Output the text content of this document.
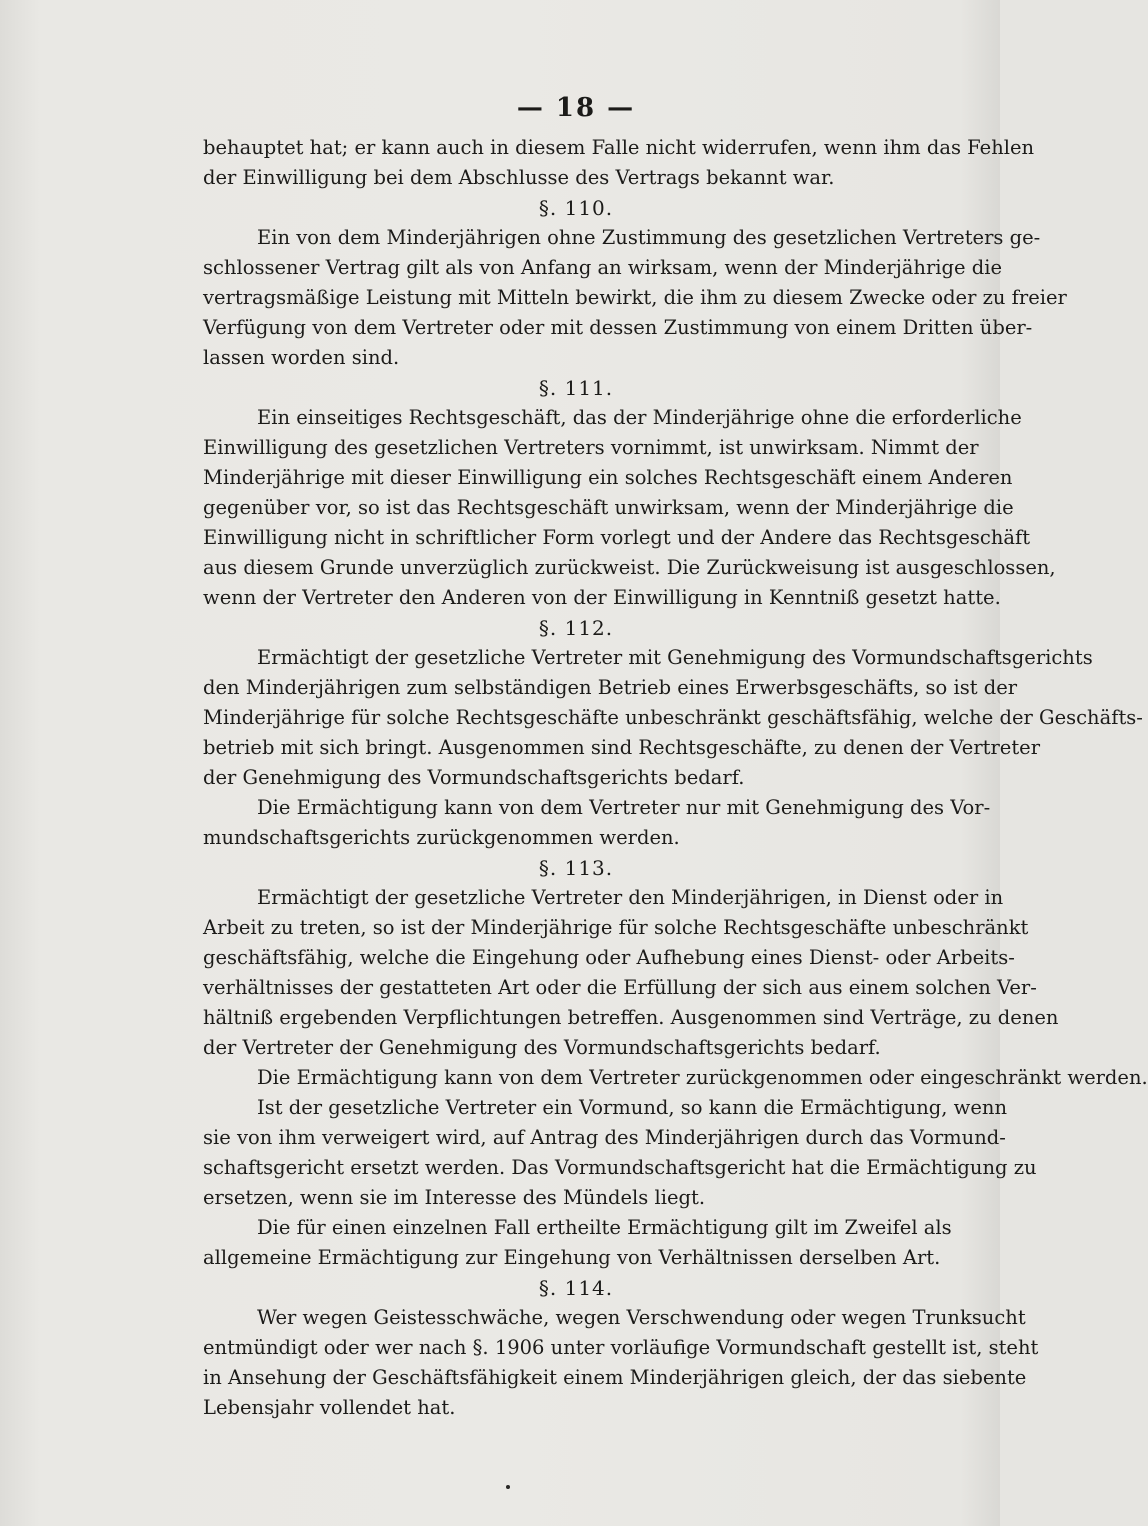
— 18 —
behauptet hat; er kann auch in diesem Falle nicht widerrufen, wenn ihm das Fehlen
der Einwilligung bei dem Abschlusse des Vertrags bekannt war.
§. 110.
Ein von dem Minderjährigen ohne Zustimmung des gesetzlichen Vertreters ge-
schlossener Vertrag gilt als von Anfang an wirksam, wenn der Minderjährige die
vertragsmäßige Leistung mit Mitteln bewirkt, die ihm zu diesem Zwecke oder zu freier
Verfügung von dem Vertreter oder mit dessen Zustimmung von einem Dritten über-
lassen worden sind.
§. 111.
Ein einseitiges Rechtsgeschäft, das der Minderjährige ohne die erforderliche
Einwilligung des gesetzlichen Vertreters vornimmt, ist unwirksam. Nimmt der
Minderjährige mit dieser Einwilligung ein solches Rechtsgeschäft einem Anderen
gegenüber vor, so ist das Rechtsgeschäft unwirksam, wenn der Minderjährige die
Einwilligung nicht in schriftlicher Form vorlegt und der Andere das Rechtsgeschäft
aus diesem Grunde unverzüglich zurückweist. Die Zurückweisung ist ausgeschlossen,
wenn der Vertreter den Anderen von der Einwilligung in Kenntniß gesetzt hatte.
§. 112.
Ermächtigt der gesetzliche Vertreter mit Genehmigung des Vormundschaftsgerichts
den Minderjährigen zum selbständigen Betrieb eines Erwerbsgeschäfts, so ist der
Minderjährige für solche Rechtsgeschäfte unbeschränkt geschäftsfähig, welche der Geschäfts-
betrieb mit sich bringt. Ausgenommen sind Rechtsgeschäfte, zu denen der Vertreter
der Genehmigung des Vormundschaftsgerichts bedarf.
Die Ermächtigung kann von dem Vertreter nur mit Genehmigung des Vor-
mundschaftsgerichts zurückgenommen werden.
§. 113.
Ermächtigt der gesetzliche Vertreter den Minderjährigen, in Dienst oder in
Arbeit zu treten, so ist der Minderjährige für solche Rechtsgeschäfte unbeschränkt
geschäftsfähig, welche die Eingehung oder Aufhebung eines Dienst- oder Arbeits-
verhältnisses der gestatteten Art oder die Erfüllung der sich aus einem solchen Ver-
hältniß ergebenden Verpflichtungen betreffen. Ausgenommen sind Verträge, zu denen
der Vertreter der Genehmigung des Vormundschaftsgerichts bedarf.
Die Ermächtigung kann von dem Vertreter zurückgenommen oder eingeschränkt werden.
Ist der gesetzliche Vertreter ein Vormund, so kann die Ermächtigung, wenn
sie von ihm verweigert wird, auf Antrag des Minderjährigen durch das Vormund-
schaftsgericht ersetzt werden. Das Vormundschaftsgericht hat die Ermächtigung zu
ersetzen, wenn sie im Interesse des Mündels liegt.
Die für einen einzelnen Fall ertheilte Ermächtigung gilt im Zweifel als
allgemeine Ermächtigung zur Eingehung von Verhältnissen derselben Art.
§. 114.
Wer wegen Geistesschwäche, wegen Verschwendung oder wegen Trunksucht
entmündigt oder wer nach §. 1906 unter vorläufige Vormundschaft gestellt ist, steht
in Ansehung der Geschäftsfähigkeit einem Minderjährigen gleich, der das siebente
Lebensjahr vollendet hat.
